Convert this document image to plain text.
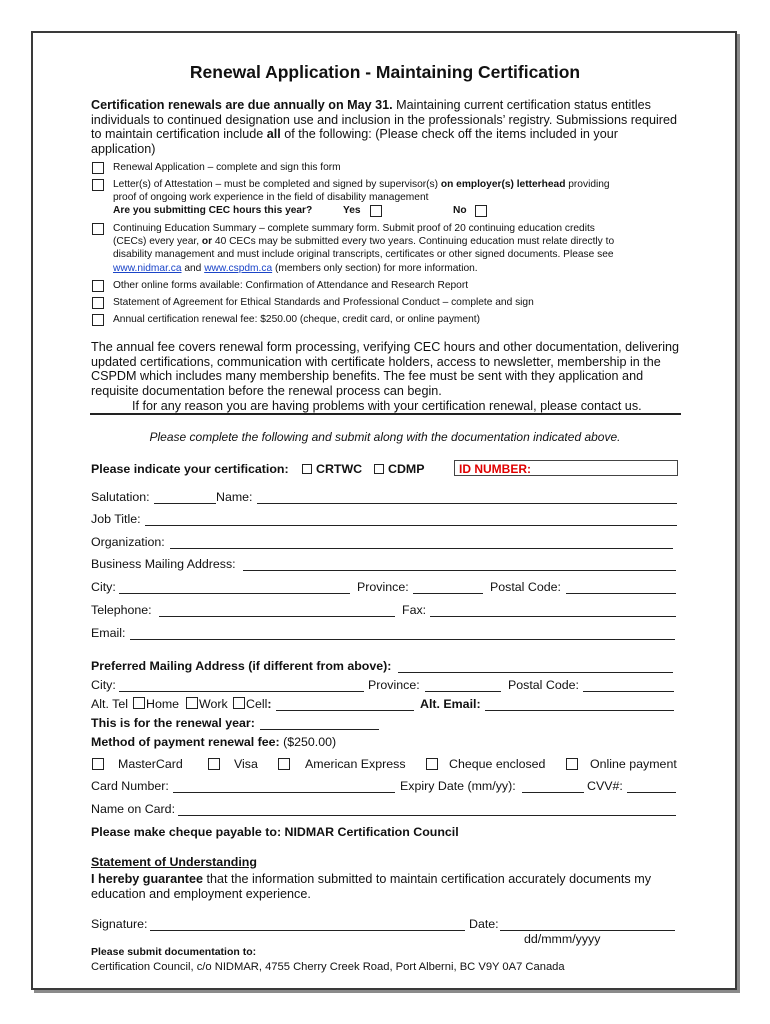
Renewal Application - Maintaining Certification
Certification renewals are due annually on May 31. Maintaining current certification status entitles individuals to continued designation use and inclusion in the professionals’ registry. Submissions required to maintain certification include all of the following: (Please check off the items included in your application)
Renewal Application – complete and sign this form
Letter(s) of Attestation – must be completed and signed by supervisor(s) on employer(s) letterhead providing
proof of ongoing work experience in the field of disability management
Are you submitting CEC hours this year?	Yes	No
Continuing Education Summary – complete summary form. Submit proof of 20 continuing education credits
(CECs) every year, or 40 CECs may be submitted every two years. Continuing education must relate directly to
disability management and must include original transcripts, certificates or other signed documents. Please see
www.nidmar.ca and www.cspdm.ca (members only section) for more information.
Other online forms available: Confirmation of Attendance and Research Report
Statement of Agreement for Ethical Standards and Professional Conduct – complete and sign
Annual certification renewal fee: $250.00 (cheque, credit card, or online payment)
The annual fee covers renewal form processing, verifying CEC hours and other documentation, delivering updated certifications, communication with certificate holders, access to newsletter, membership in the CSPDM which includes many membership benefits. The fee must be sent with they application and requisite documentation before the renewal process can begin.
If for any reason you are having problems with your certification renewal, please contact us.
Please complete the following and submit along with the documentation indicated above.
Please indicate your certification: CRTWC CDMP	ID NUMBER:
Salutation:	Name:
Job Title:
Organization:
Business Mailing Address:
City:	Province:	Postal Code:
Telephone:	Fax:
Email:
Preferred Mailing Address (if different from above):
City:	Province:	Postal Code:
Alt. Tel Home Work Cell:	Alt. Email:
This is for the renewal year:
Method of payment renewal fee: ($250.00)
MasterCard	Visa	American Express	Cheque enclosed	Online payment
Card Number:	Expiry Date (mm/yy):	CVV#:
Name on Card:
Please make cheque payable to: NIDMAR Certification Council
Statement of Understanding
I hereby guarantee that the information submitted to maintain certification accurately documents my education and employment experience.
Signature:	Date:
dd/mmm/yyyy
Please submit documentation to:
Certification Council, c/o NIDMAR, 4755 Cherry Creek Road, Port Alberni, BC V9Y 0A7 Canada
